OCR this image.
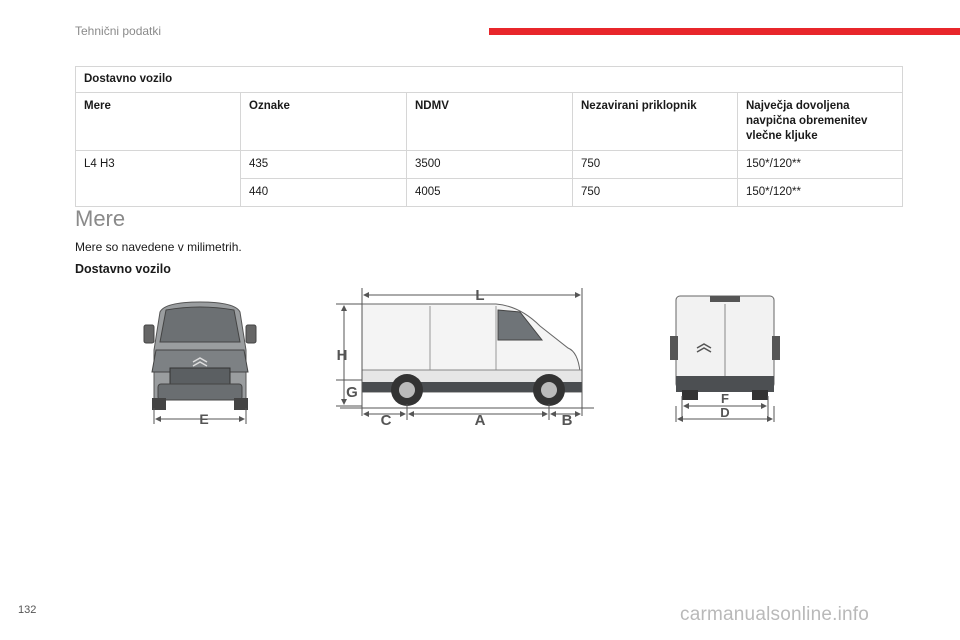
Tehnični podatki
Dostavno vozilo				
Mere	Oznake	NDMV	Nezavirani priklopnik	Največja dovoljena navpična obremenitev vlečne kljuke
L4 H3	435	3500	750	150*/120**
	440	4005	750	150*/120**
Mere
Mere so navedene v milimetrih.
Dostavno vozilo
E
L
H
G
C	A	B
F
D
132	carmanualsonline.info
